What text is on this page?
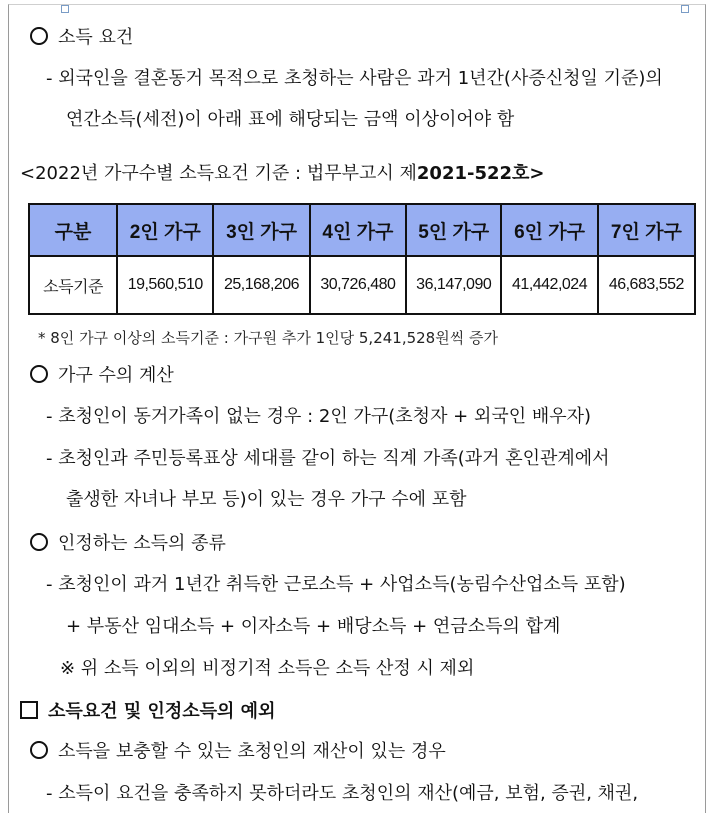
소득 요건
- 외국인을 결혼동거 목적으로 초청하는 사람은 과거 1년간(사증신청일 기준)의
연간소득(세전)이 아래 표에 해당되는 금액 이상이어야 함
<2022년 가구수별 소득요건 기준 : 법무부고시 제2021-522호>
구분	2인 가구	3인 가구	4인 가구	5인 가구	6인 가구	7인 가구
소득기준	19,560,510	25,168,206	30,726,480	36,147,090	41,442,024	46,683,552
* 8인 가구 이상의 소득기준 : 가구원 추가 1인당 5,241,528원씩 증가
가구 수의 계산
- 초청인이 동거가족이 없는 경우 : 2인 가구(초청자 + 외국인 배우자)
- 초청인과 주민등록표상 세대를 같이 하는 직계 가족(과거 혼인관계에서
출생한 자녀나 부모 등)이 있는 경우 가구 수에 포함
인정하는 소득의 종류
- 초청인이 과거 1년간 취득한 근로소득 + 사업소득(농림수산업소득 포함)
+ 부동산 임대소득 + 이자소득 + 배당소득 + 연금소득의 합계
※ 위 소득 이외의 비정기적 소득은 소득 산정 시 제외
소득요건 및 인정소득의 예외
소득을 보충할 수 있는 초청인의 재산이 있는 경우
- 소득이 요건을 충족하지 못하더라도 초청인의 재산(예금, 보험, 증권, 채권,
